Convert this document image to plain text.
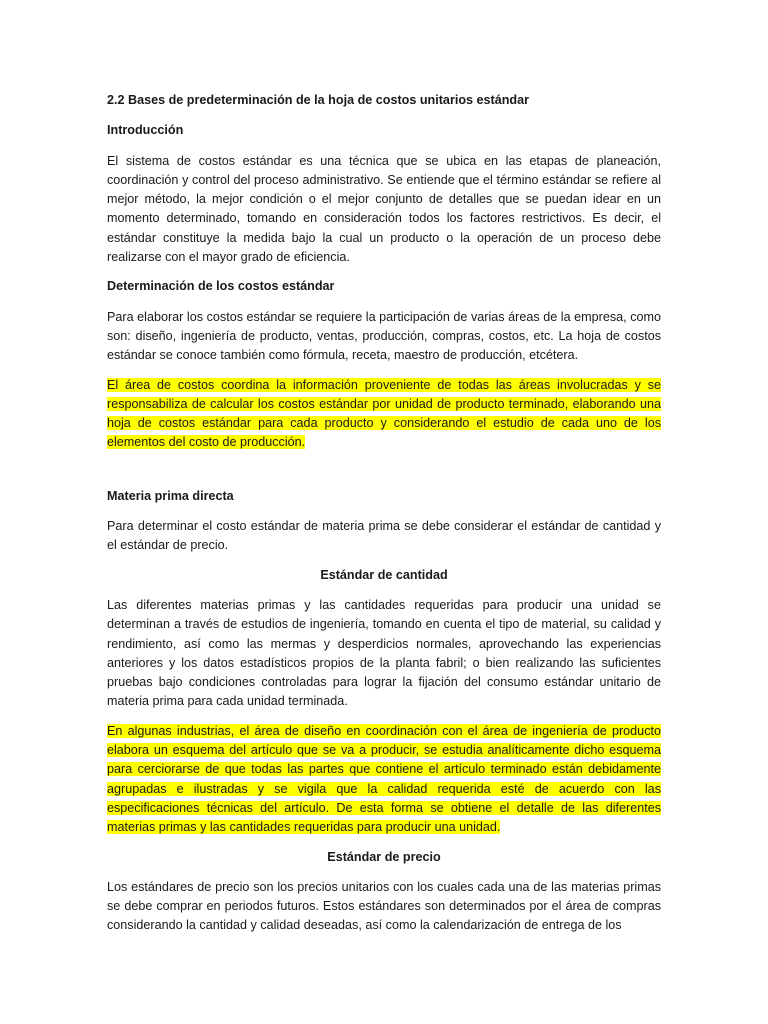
2.2 Bases de predeterminación de la hoja de costos unitarios estándar
Introducción

El sistema de costos estándar es una técnica que se ubica en las etapas de planeación, coordinación y control del proceso administrativo. Se entiende que el término estándar se refiere al mejor método, la mejor condición o el mejor conjunto de detalles que se puedan idear en un momento determinado, tomando en consideración todos los factores restrictivos. Es decir, el estándar constituye la medida bajo la cual un producto o la operación de un proceso debe realizarse con el mayor grado de eficiencia.

Determinación de los costos estándar

Para elaborar los costos estándar se requiere la participación de varias áreas de la empresa, como son: diseño, ingeniería de producto, ventas, producción, compras, costos, etc. La hoja de costos estándar se conoce también como fórmula, receta, maestro de producción, etcétera.

El área de costos coordina la información proveniente de todas las áreas involucradas y se responsabiliza de calcular los costos estándar por unidad de producto terminado, elaborando una hoja de costos estándar para cada producto y considerando el estudio de cada uno de los elementos del costo de producción.

Materia prima directa

Para determinar el costo estándar de materia prima se debe considerar el estándar de cantidad y el estándar de precio.

Estándar de cantidad

Las diferentes materias primas y las cantidades requeridas para producir una unidad se determinan a través de estudios de ingeniería, tomando en cuenta el tipo de material, su calidad y rendimiento, así como las mermas y desperdicios normales, aprovechando las experiencias anteriores y los datos estadísticos propios de la planta fabril; o bien realizando las suficientes pruebas bajo condiciones controladas para lograr la fijación del consumo estándar unitario de materia prima para cada unidad terminada.

En algunas industrias, el área de diseño en coordinación con el área de ingeniería de producto elabora un esquema del artículo que se va a producir, se estudia analíticamente dicho esquema para cerciorarse de que todas las partes que contiene el artículo terminado están debidamente agrupadas e ilustradas y se vigila que la calidad requerida esté de acuerdo con las especificaciones técnicas del artículo. De esta forma se obtiene el detalle de las diferentes materias primas y las cantidades requeridas para producir una unidad.

Estándar de precio

Los estándares de precio son los precios unitarios con los cuales cada una de las materias primas se debe comprar en periodos futuros. Estos estándares son determinados por el área de compras considerando la cantidad y calidad deseadas, así como la calendarización de entrega de los
